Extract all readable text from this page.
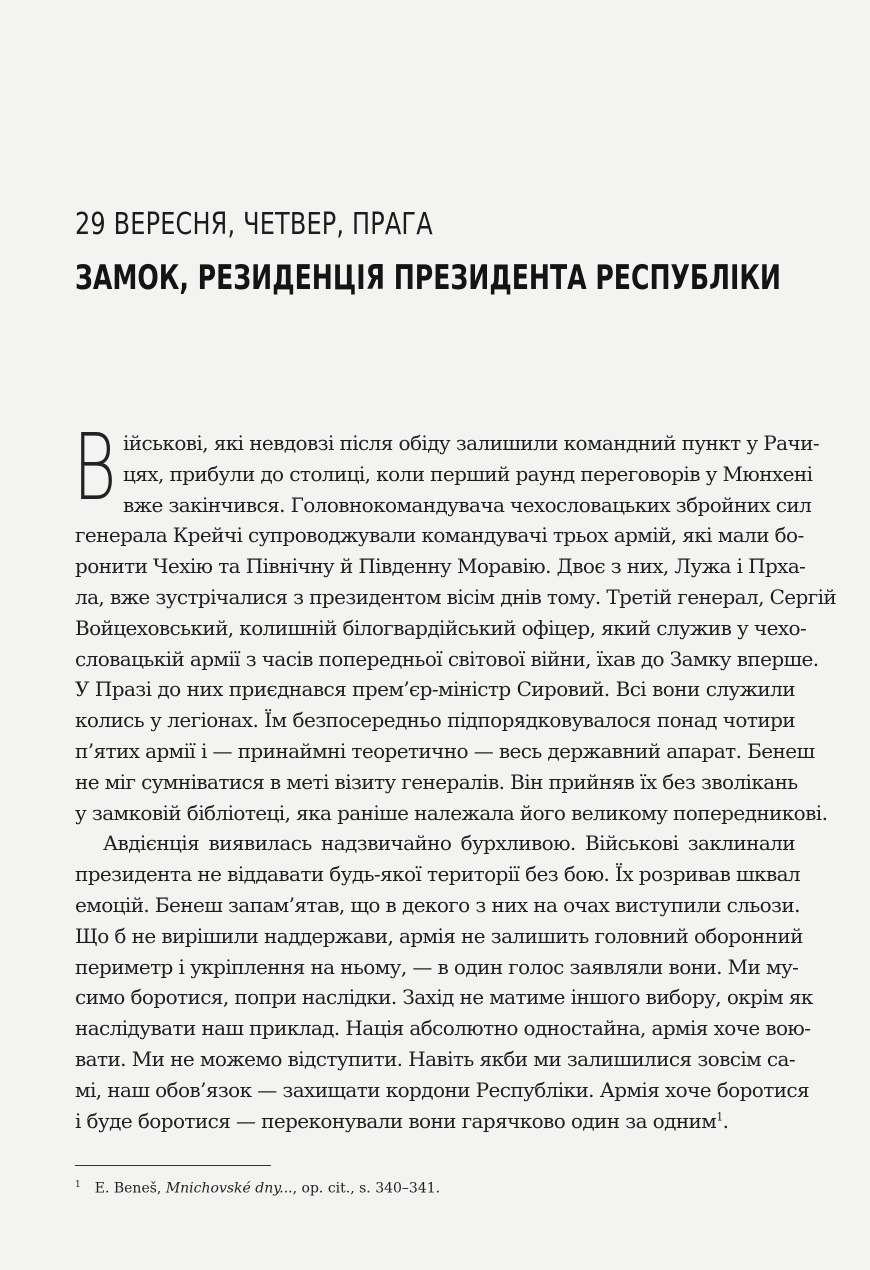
29 ВЕРЕСНЯ, ЧЕТВЕР, ПРАГА
ЗАМОК, РЕЗИДЕНЦІЯ ПРЕЗИДЕНТА РЕСПУБЛІКИ
В ійськові, які невдовзі після обіду залишили командний пункт у Рачи-
цях, прибули до столиці, коли перший раунд переговорів у Мюнхені
вже закінчився. Головнокомандувача чехословацьких збройних сил
генерала Крейчі супроводжували командувачі трьох армій, які мали бо-
ронити Чехію та Північну й Південну Моравію. Двоє з них, Лужа і Прха-
ла, вже зустрічалися з президентом вісім днів тому. Третій генерал, Сергій
Войцеховський, колишній білогвардійський офіцер, який служив у чехо-
словацькій армії з часів попередньої світової війни, їхав до Замку вперше.
У Празі до них приєднався прем’єр-міністр Сировий. Всі вони служили
колись у легіонах. Їм безпосередньо підпорядковувалося понад чотири
п’ятих армії і — принаймні теоретично — весь державний апарат. Бенеш
не міг сумніватися в меті візиту генералів. Він прийняв їх без зволікань
у замковій бібліотеці, яка раніше належала його великому попередникові.

Авдієнція виявилась надзвичайно бурхливою. Військові заклинали
президента не віддавати будь-якої території без бою. Їх розривав шквал
емоцій. Бенеш запам’ятав, що в декого з них на очах виступили сльози.
Що б не вирішили наддержави, армія не залишить головний оборонний
периметр і укріплення на ньому, — в один голос заявляли вони. Ми му-
симо боротися, попри наслідки. Захід не матиме іншого вибору, окрім як
наслідувати наш приклад. Нація абсолютно одностайна, армія хоче вою-
вати. Ми не можемо відступити. Навіть якби ми залишилися зовсім са-
мі, наш обов’язок — захищати кордони Республіки. Армія хоче боротися
і буде боротися — переконували вони гарячково один за одним$^1$.

$^1$ E. Beneš, Mnichovské dny..., op. cit., s. 340–341.
